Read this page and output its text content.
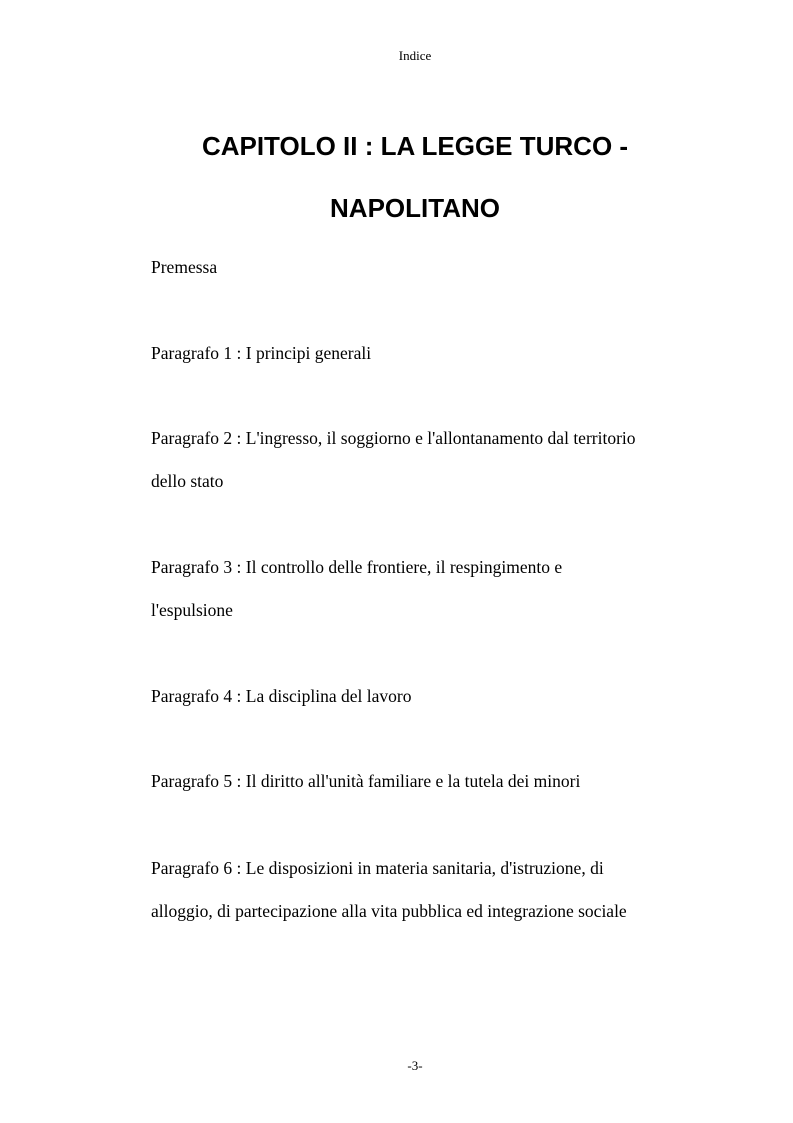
Indice
CAPITOLO II : LA LEGGE TURCO -
NAPOLITANO
Premessa
Paragrafo 1 : I principi generali
Paragrafo 2 : L'ingresso, il soggiorno e l'allontanamento dal territorio
dello stato
Paragrafo 3 : Il controllo delle frontiere, il respingimento e
l'espulsione
Paragrafo 4 : La disciplina del lavoro
Paragrafo 5 : Il diritto all'unità familiare e la tutela dei minori
Paragrafo 6 : Le disposizioni in materia sanitaria, d'istruzione, di
alloggio, di partecipazione alla vita pubblica ed integrazione sociale
-3-
